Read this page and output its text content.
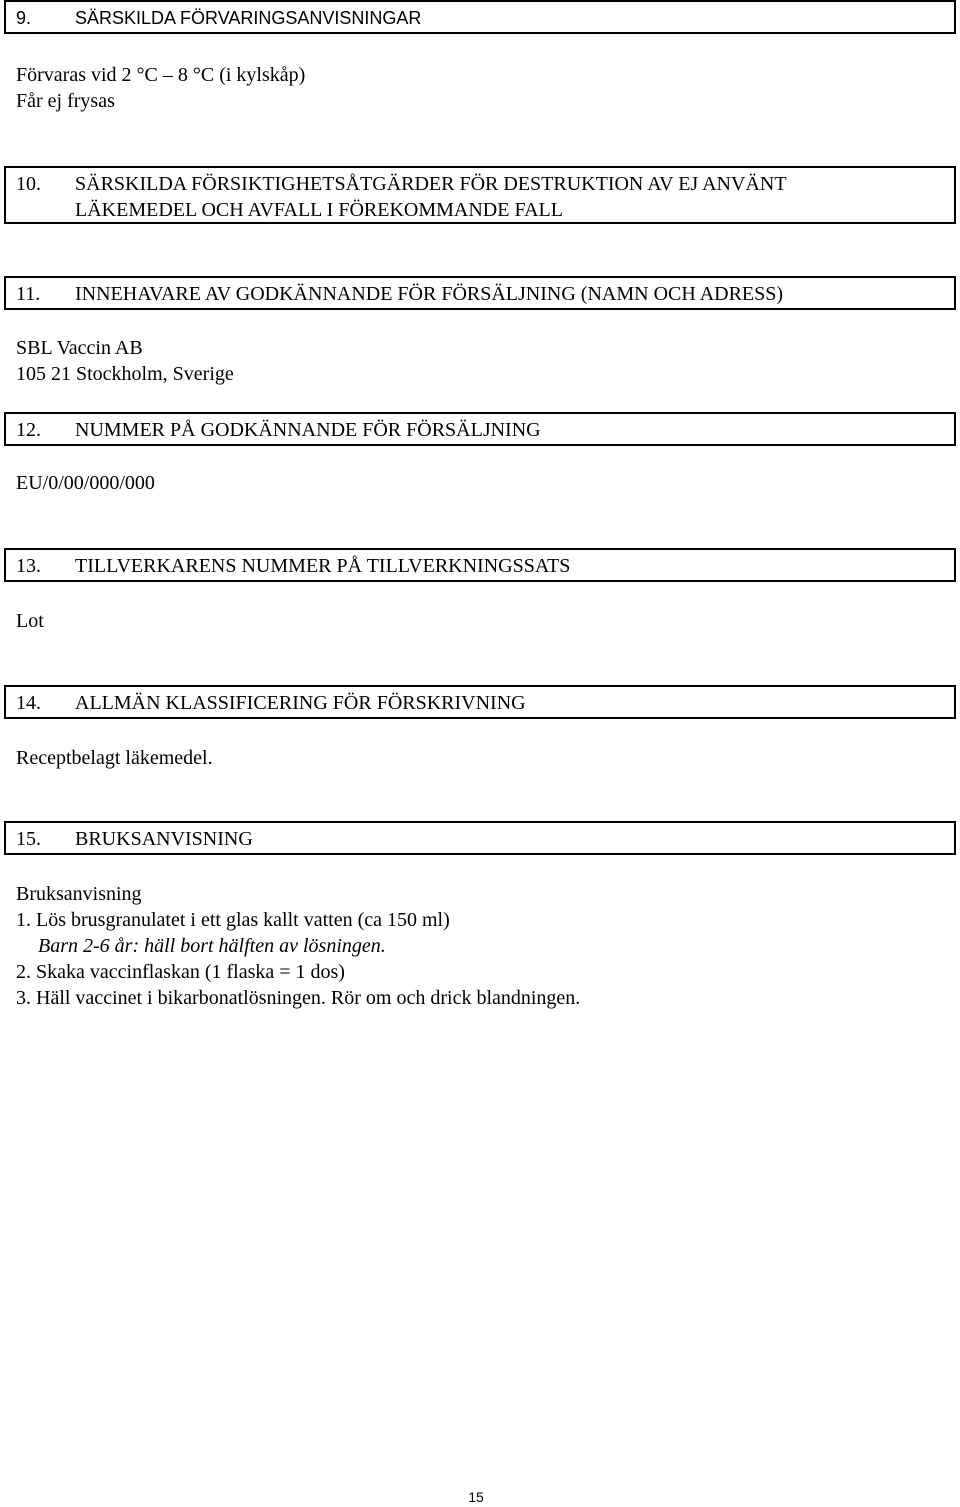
9. SÄRSKILDA FÖRVARINGSANVISNINGAR
Förvaras vid 2 °C – 8 °C (i kylskåp)
Får ej frysas
10. SÄRSKILDA FÖRSIKTIGHETSÅTGÄRDER FÖR DESTRUKTION AV EJ ANVÄNT
LÄKEMEDEL OCH AVFALL I FÖREKOMMANDE FALL
11. INNEHAVARE AV GODKÄNNANDE FÖR FÖRSÄLJNING (NAMN OCH ADRESS)
SBL Vaccin AB
105 21 Stockholm, Sverige
12. NUMMER PÅ GODKÄNNANDE FÖR FÖRSÄLJNING
EU/0/00/000/000
13. TILLVERKARENS NUMMER PÅ TILLVERKNINGSSATS
Lot
14. ALLMÄN KLASSIFICERING FÖR FÖRSKRIVNING
Receptbelagt läkemedel.
15. BRUKSANVISNING
Bruksanvisning
1. Lös brusgranulatet i ett glas kallt vatten (ca 150 ml)
Barn 2-6 år: häll bort hälften av lösningen.
2. Skaka vaccinflaskan (1 flaska = 1 dos)
3. Häll vaccinet i bikarbonatlösningen. Rör om och drick blandningen.
15
